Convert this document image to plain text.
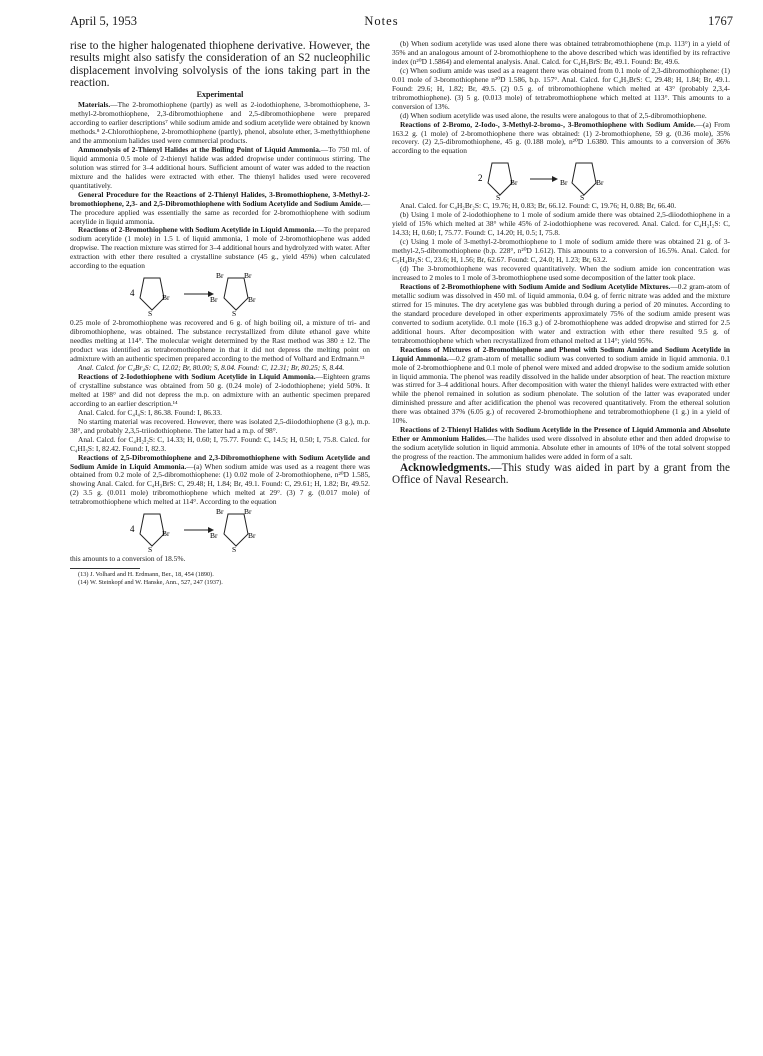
April 5, 1953	Notes	1767

rise to the higher halogenated thiophene derivative. However, the results might also satisfy the consideration of an S⁡2 nucleophilic displacement involving solvolysis of the ions taking part in the reaction.

Experimental

Materials.—The 2-bromothiophene (partly) as well as 2-iodothiophene, 3-bromothiophene, 3-methyl-2-bromothiophene, 2,3-dibromothiophene and 2,5-dibromothiophene were prepared according to earlier descriptions⁷ while sodium amide and sodium acetylide were obtained by known methods.⁸ 2-Chlorothiophene, 2-bromothiophene (partly), phenol, absolute ether, 3-methylthiophene and the ammonium halides used were commercial products.

Ammonolysis of 2-Thienyl Halides at the Boiling Point of Liquid Ammonia.—To 750 ml. of liquid ammonia 0.5 mole of 2-thienyl halide was added dropwise under continuous stirring. The solution was stirred for 3–4 additional hours. Sufficient amount of water was added to the reaction mixture and the halides were extracted with ether. The thienyl halides used were recovered quantitatively.

General Procedure for the Reactions of 2-Thienyl Halides, 3-Bromothiophene, 3-Methyl-2-bromothiophene, 2,3- and 2,5-Dibromothiophene with Sodium Acetylide and Sodium Amide.—The procedure applied was essentially the same as recorded for 2-bromothiophene with sodium acetylide in liquid ammonia.

Reactions of 2-Bromothiophene with Sodium Acetylide in Liquid Ammonia.—To the prepared sodium acetylide (1 mole) in 1.5 l. of liquid ammonia, 1 mole of 2-bromothiophene was added dropwise. The reaction mixture was stirred for 3–4 additional hours and hydrolyzed with water. After extraction with ether there resulted a crystalline substance (45 g., yield 45%) when calculated according to the equation

4	Br
S
Br	Br
Br	Br
S

0.25 mole of 2-bromothiophene was recovered and 6 g. of high boiling oil, a mixture of tri- and dibromothiophene, was obtained. The substance recrystallized from dilute ethanol gave white needles melting at 114°. The molecular weight determined by the Rast method was 380 ± 12. The product was identified as tetrabromothiophene in that it did not depress the melting point on admixture with an authentic specimen prepared according to the method of Volhard and Erdmann.¹³

Anal. Calcd. for C₄Br₄S: C, 12.02; Br, 80.00; S, 8.04. Found: C, 12.31; Br, 80.25; S, 8.44.

Reactions of 2-Iodothiophene with Sodium Acetylide in Liquid Ammonia.—Eighteen grams of crystalline substance was obtained from 50 g. (0.24 mole) of 2-iodothiophene; yield 50%. It melted at 198° and did not depress the m.p. on admixture with an authentic specimen prepared according to an earlier description.¹⁴

Anal. Calcd. for C₄I₄S: I, 86.38. Found: I, 86.33.

No starting material was recovered. However, there was isolated 2,5-diiodothiophene (3 g.), m.p. 38°, and probably 2,3,5-triiodothiophene. The latter had a m.p. of 98°.

Anal. Calcd. for C₄H₂I₂S: C, 14.33; H, 0.60; I, 75.77. Found: C, 14.5; H, 0.50; I, 75.8. Calcd. for C₄HI₃S: I, 82.42. Found: I, 82.3.

Reactions of 2,5-Dibromothiophene and 2,3-Dibromothiophene with Sodium Acetylide and Sodium Amide in Liquid Ammonia.—(a) When sodium amide was used as a reagent there was obtained from 0.2 mole of 2,5-dibromothiophene: (1) 0.02 mole of 2-bromothiophene, n²⁰D 1.585, showing Anal. Calcd. for C₄H₃BrS: C, 29.48; H, 1.84; Br, 49.1. Found: C, 29.61; H, 1.82; Br, 49.52. (2) 3.5 g. (0.011 mole) tribromothiophene which melted at 29°. (3) 7 g. (0.017 mole) of tetrabromothiophene which melted at 114°. According to the equation

4	Br
S
Br	Br
Br	Br
S

this amounts to a conversion of 18.5%.

(13) J. Volhard and H. Erdmann, Ber., 18, 454 (1890).

(14) W. Steinkopf and W. Hanske, Ann., 527, 247 (1937).

(b) When sodium acetylide was used alone there was obtained tetrabromothiophene (m.p. 113°) in a yield of 35% and an analogous amount of 2-bromothiophene to the above described which was identified by its refractive index (n²⁰D 1.5864) and elemental analysis. Anal. Calcd. for C₄H₃BrS: Br, 49.1. Found: Br, 49.6.

(c) When sodium amide was used as a reagent there was obtained from 0.1 mole of 2,3-dibromothiophene: (1) 0.01 mole of 3-bromothiophene n²⁰D 1.586, b.p. 157°. Anal. Calcd. for C₄H₃BrS: C, 29.48; H, 1.84; Br, 49.1. Found: 29.6; H, 1.82; Br, 49.5. (2) 0.5 g. of tribromothiophene which melted at 43° (probably 2,3,4-tribromothiophene). (3) 5 g. (0.013 mole) of tetrabromothiophene which melted at 113°. This amounts to a conversion of 13%.

(d) When sodium acetylide was used alone, the results were analogous to that of 2,5-dibromothiophene.

Reactions of 2-Bromo, 2-Iodo-, 3-Methyl-2-bromo-, 3-Bromothiophene with Sodium Amide.—(a) From 163.2 g. (1 mole) of 2-bromothiophene there was obtained: (1) 2-bromothiophene, 59 g. (0.36 mole), 35% recovery. (2) 2,5-dibromothiophene, 45 g. (0.188 mole), n²⁰D 1.6380. This amounts to a conversion of 36% according to the equation

2	Br
S
Br	Br
S

Anal. Calcd. for C₄H₂Br₂S: C, 19.76; H, 0.83; Br, 66.12. Found: C, 19.76; H, 0.88; Br, 66.40.

(b) Using 1 mole of 2-iodothiophene to 1 mole of sodium amide there was obtained 2,5-diiodothiophene in a yield of 15% which melted at 38° while 45% of 2-iodothiophene was recovered. Anal. Calcd. for C₄H₂I₂S: C, 14.33; H, 0.60; I, 75.77. Found: C, 14.20; H, 0.5; I, 75.8.

(c) Using 1 mole of 3-methyl-2-bromothiophene to 1 mole of sodium amide there was obtained 21 g. of 3-methyl-2,5-dibromothiophene (b.p. 228°, n²⁰D 1.612). This amounts to a conversion of 16.5%. Anal. Calcd. for C₅H₄Br₂S: C, 23.6; H, 1.56; Br, 62.67. Found: C, 24.0; H, 1.23; Br, 63.2.

(d) The 3-bromothiophene was recovered quantitatively. When the sodium amide ion concentration was increased to 2 moles to 1 mole of 3-bromothiophene used some decomposition of the latter took place.

Reactions of 2-Bromothiophene with Sodium Amide and Sodium Acetylide Mixtures.—0.2 gram-atom of metallic sodium was dissolved in 450 ml. of liquid ammonia, 0.04 g. of ferric nitrate was added and the mixture stirred for 15 minutes. The dry acetylene gas was bubbled through during a period of 20 minutes. According to the standard procedure developed in other experiments approximately 75% of the sodium amide present was converted to sodium acetylide. 0.1 mole (16.3 g.) of 2-bromothiophene was added dropwise and stirred for 2.5 additional hours. After decomposition with water and extraction with ether there resulted 9.5 g. of tetrabromothiophene which when recrystallized from ethanol melted at 114°; yield 95%.

Reactions of Mixtures of 2-Bromothiophene and Phenol with Sodium Amide and Sodium Acetylide in Liquid Ammonia.—0.2 gram-atom of metallic sodium was converted to sodium amide in liquid ammonia. 0.1 mole of 2-bromothiophene and 0.1 mole of phenol were mixed and added dropwise to the sodium amide solution in liquid ammonia. The phenol was readily dissolved in the halide under absorption of heat. The reaction mixture was stirred for 3–4 additional hours. After decomposition with water the thienyl halides were extracted with ether while the phenol remained in solution as sodium phenolate. The solution of the latter was evaporated under diminished pressure and after acidification the phenol was recovered quantitatively. From the ethereal solution there was obtained 37% (6.05 g.) of recovered 2-bromothiophene and tetrabromothiophene (1 g.) in a yield of 10%.

Reactions of 2-Thienyl Halides with Sodium Acetylide in the Presence of Liquid Ammonia and Absolute Ether or Ammonium Halides.—The halides used were dissolved in absolute ether and then added dropwise to the sodium acetylide solution in liquid ammonia. Absolute ether in amounts of 10% of the total solvent stopped the progress of the reaction. The ammonium halides were added in form of a salt.

Acknowledgments.—This study was aided in part by a grant from the Office of Naval Research.
